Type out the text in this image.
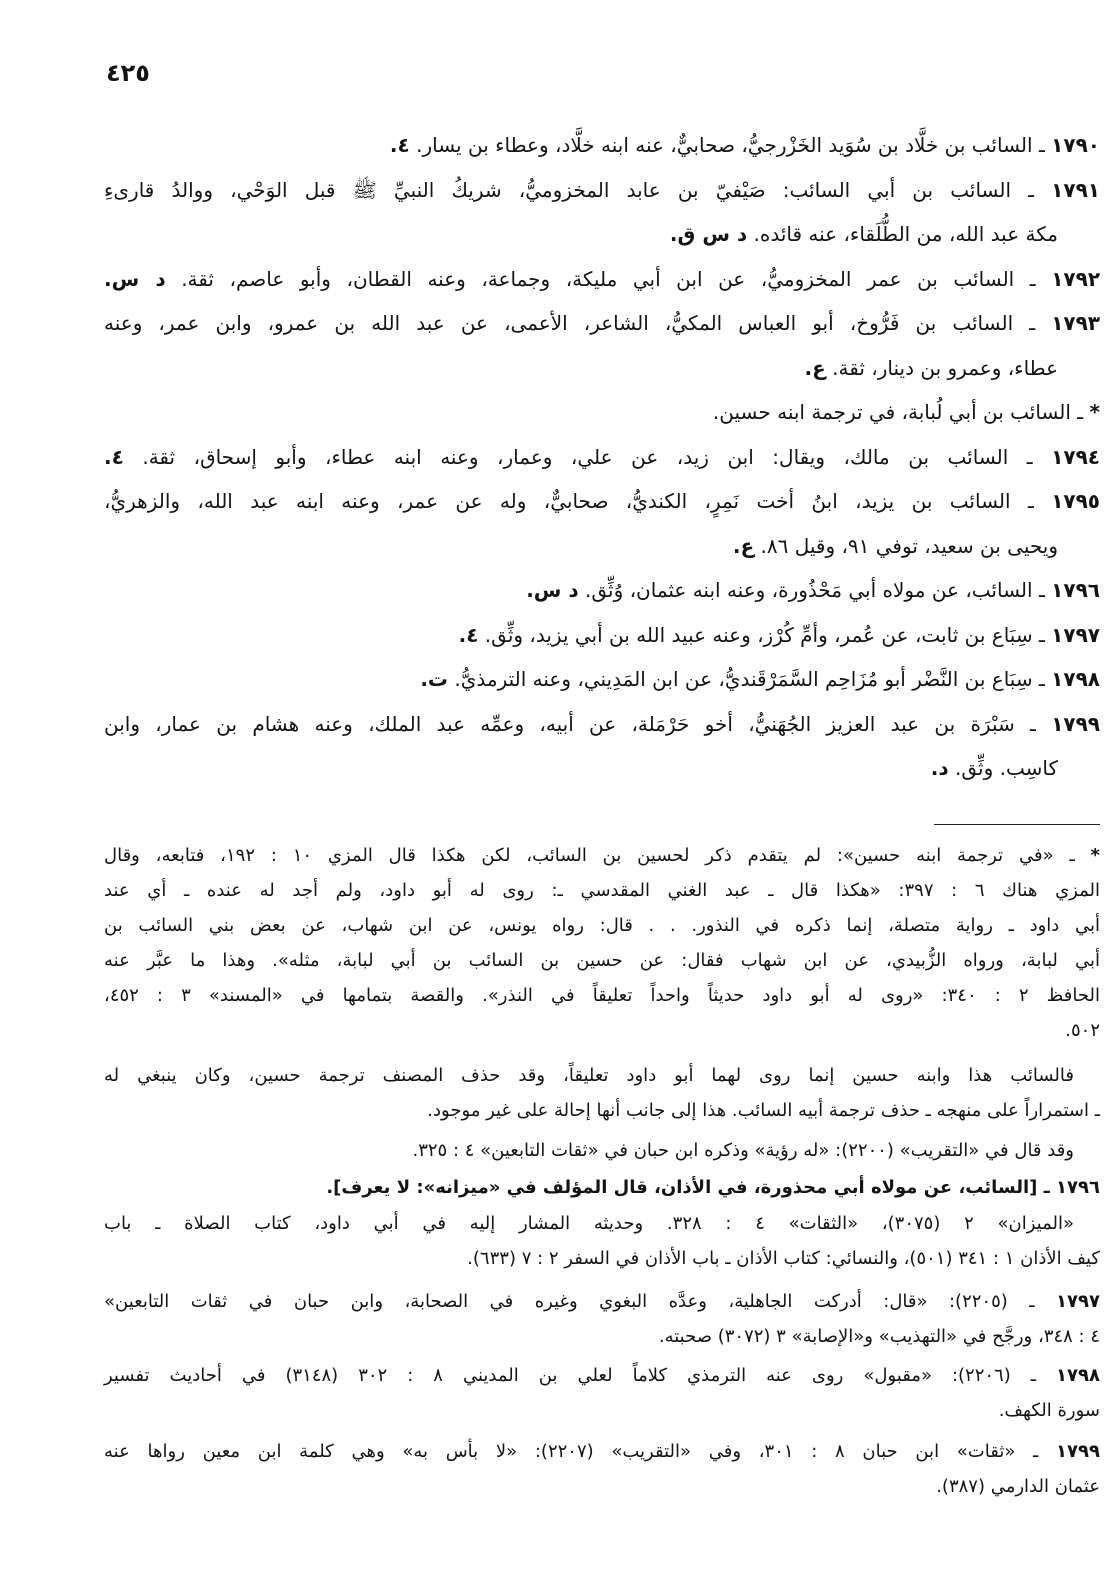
٤٢٥
١٧٩٠ ـ السائب بن خلَّاد بن سُوَيد الخَزْرجيُّ، صحابيٌّ، عنه ابنه خلَّاد، وعطاء بن يسار. ٤.
١٧٩١ ـ السائب بن أبي السائب: صَيْفيّ بن عابد المخزوميُّ، شريكُ النبيِّ ﷺ قبل الوَحْي، ووالدُ قارىءِ
مكة عبد الله، من الطُّلَقاء، عنه قائده. د س ق.
١٧٩٢ ـ السائب بن عمر المخزوميُّ، عن ابن أبي مليكة، وجماعة، وعنه القطان، وأبو عاصم، ثقة. د س.
١٧٩٣ ـ السائب بن فَرُّوخ، أبو العباس المكيُّ، الشاعر، الأعمى، عن عبد الله بن عمرو، وابن عمر، وعنه
عطاء، وعمرو بن دينار، ثقة. ع.
* ـ السائب بن أبي لُبابة، في ترجمة ابنه حسين.
١٧٩٤ ـ السائب بن مالك، ويقال: ابن زيد، عن علي، وعمار، وعنه ابنه عطاء، وأبو إسحاق، ثقة. ٤.
١٧٩٥ ـ السائب بن يزيد، ابنُ أخت نَمِرٍ، الكنديُّ، صحابيٌّ، وله عن عمر، وعنه ابنه عبد الله، والزهريُّ،
ويحيى بن سعيد، توفي ٩١، وقيل ٨٦. ع.
١٧٩٦ ـ السائب، عن مولاه أبي مَحْذُورة، وعنه ابنه عثمان، وُثِّق. د س.
١٧٩٧ ـ سِبَاع بن ثابت، عن عُمر، وأمِّ كُرْز، وعنه عبيد الله بن أبي يزيد، وثِّق. ٤.
١٧٩٨ ـ سِبَاع بن النَّضْر أبو مُزَاحِم السَّمَرْقَنديُّ، عن ابن المَدِيني، وعنه الترمذيُّ. ت.
١٧٩٩ ـ سَبْرَة بن عبد العزيز الجُهَنيُّ، أخو حَرْمَلة، عن أبيه، وعمِّه عبد الملك، وعنه هشام بن عمار، وابن
كاسِب. وثِّق. د.
* ـ «في ترجمة ابنه حسين»: لم يتقدم ذكر لحسين بن السائب، لكن هكذا قال المزي ١٠ : ١٩٢، فتابعه، وقال
المزي هناك ٦ : ٣٩٧: «هكذا قال ـ عبد الغني المقدسي ـ: روى له أبو داود، ولم أجد له عنده ـ أي عند
أبي داود ـ رواية متصلة، إنما ذكره في النذور. . . قال: رواه يونس، عن ابن شهاب، عن بعض بني السائب بن
أبي لبابة، ورواه الزُّبيدي، عن ابن شهاب فقال: عن حسين بن السائب بن أبي لبابة، مثله». وهذا ما عبَّر عنه
الحافظ ٢ : ٣٤٠: «روى له أبو داود حديثاً واحداً تعليقاً في النذر». والقصة بتمامها في «المسند» ٣ : ٤٥٢،
٥٠٢.
فالسائب هذا وابنه حسين إنما روى لهما أبو داود تعليقاً، وقد حذف المصنف ترجمة حسين، وكان ينبغي له
ـ استمراراً على منهجه ـ حذف ترجمة أبيه السائب. هذا إلى جانب أنها إحالة على غير موجود.
وقد قال في «التقريب» (٢٢٠٠): «له رؤية» وذكره ابن حبان في «ثقات التابعين» ٤ : ٣٢٥.
١٧٩٦ ـ [السائب، عن مولاه أبي محذورة، في الأذان، قال المؤلف في «ميزانه»: لا يعرف].
«الميزان» ٢ (٣٠٧٥)، «الثقات» ٤ : ٣٢٨. وحديثه المشار إليه في أبي داود، كتاب الصلاة ـ باب
كيف الأذان ١ : ٣٤١ (٥٠١)، والنسائي: كتاب الأذان ـ باب الأذان في السفر ٢ : ٧ (٦٣٣).
١٧٩٧ ـ (٢٢٠٥): «قال: أدركت الجاهلية، وعدَّه البغوي وغيره في الصحابة، وابن حبان في ثقات التابعين»
٤ : ٣٤٨، ورجَّح في «التهذيب» و«الإصابة» ٣ (٣٠٧٢) صحبته.
١٧٩٨ ـ (٢٢٠٦): «مقبول» روى عنه الترمذي كلاماً لعلي بن المديني ٨ : ٣٠٢ (٣١٤٨) في أحاديث تفسير
سورة الكهف.
١٧٩٩ ـ «ثقات» ابن حبان ٨ : ٣٠١، وفي «التقريب» (٢٢٠٧): «لا بأس به» وهي كلمة ابن معين رواها عنه
عثمان الدارمي (٣٨٧).
